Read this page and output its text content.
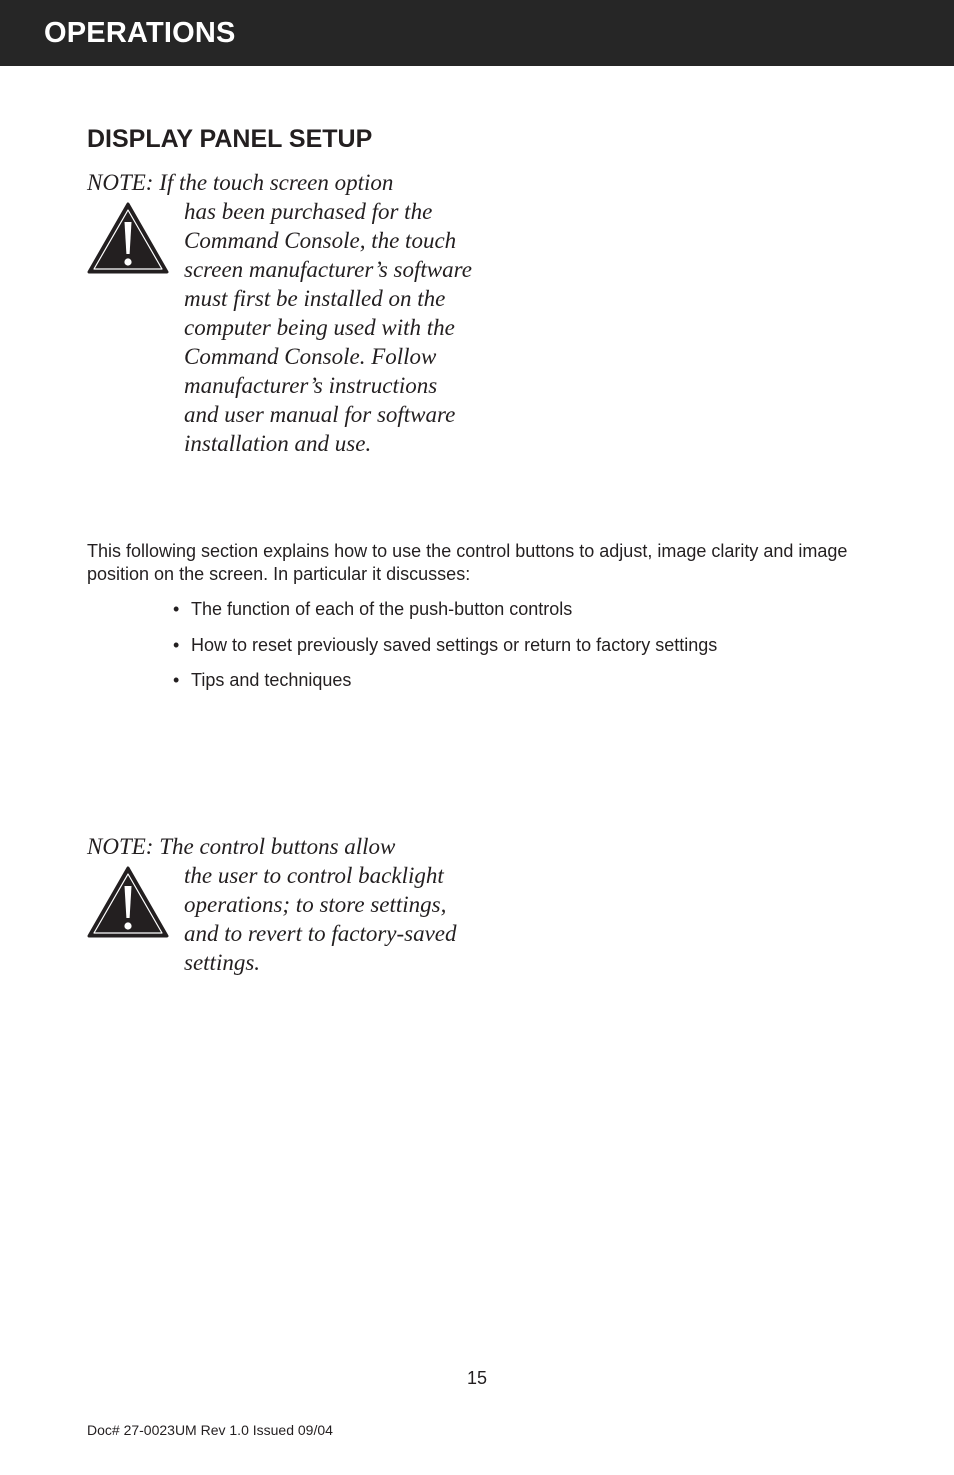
OPERATIONS
DISPLAY PANEL SETUP
NOTE: If the touch screen option
has been purchased for the
Command Console, the touch
screen manufacturer’s software
must first be installed on the
computer being used with the
Command Console. Follow
manufacturer’s instructions
and user manual for software
installation and use.
This following section explains how to use the control buttons to adjust, image clarity and image position on the screen. In particular it discusses:
• The function of each of the push-button controls
• How to reset previously saved settings or return to factory settings
• Tips and techniques
NOTE: The control buttons allow
the user to control backlight
operations; to store settings,
and to revert to factory-saved
settings.
15
Doc# 27-0023UM Rev 1.0 Issued 09/04
